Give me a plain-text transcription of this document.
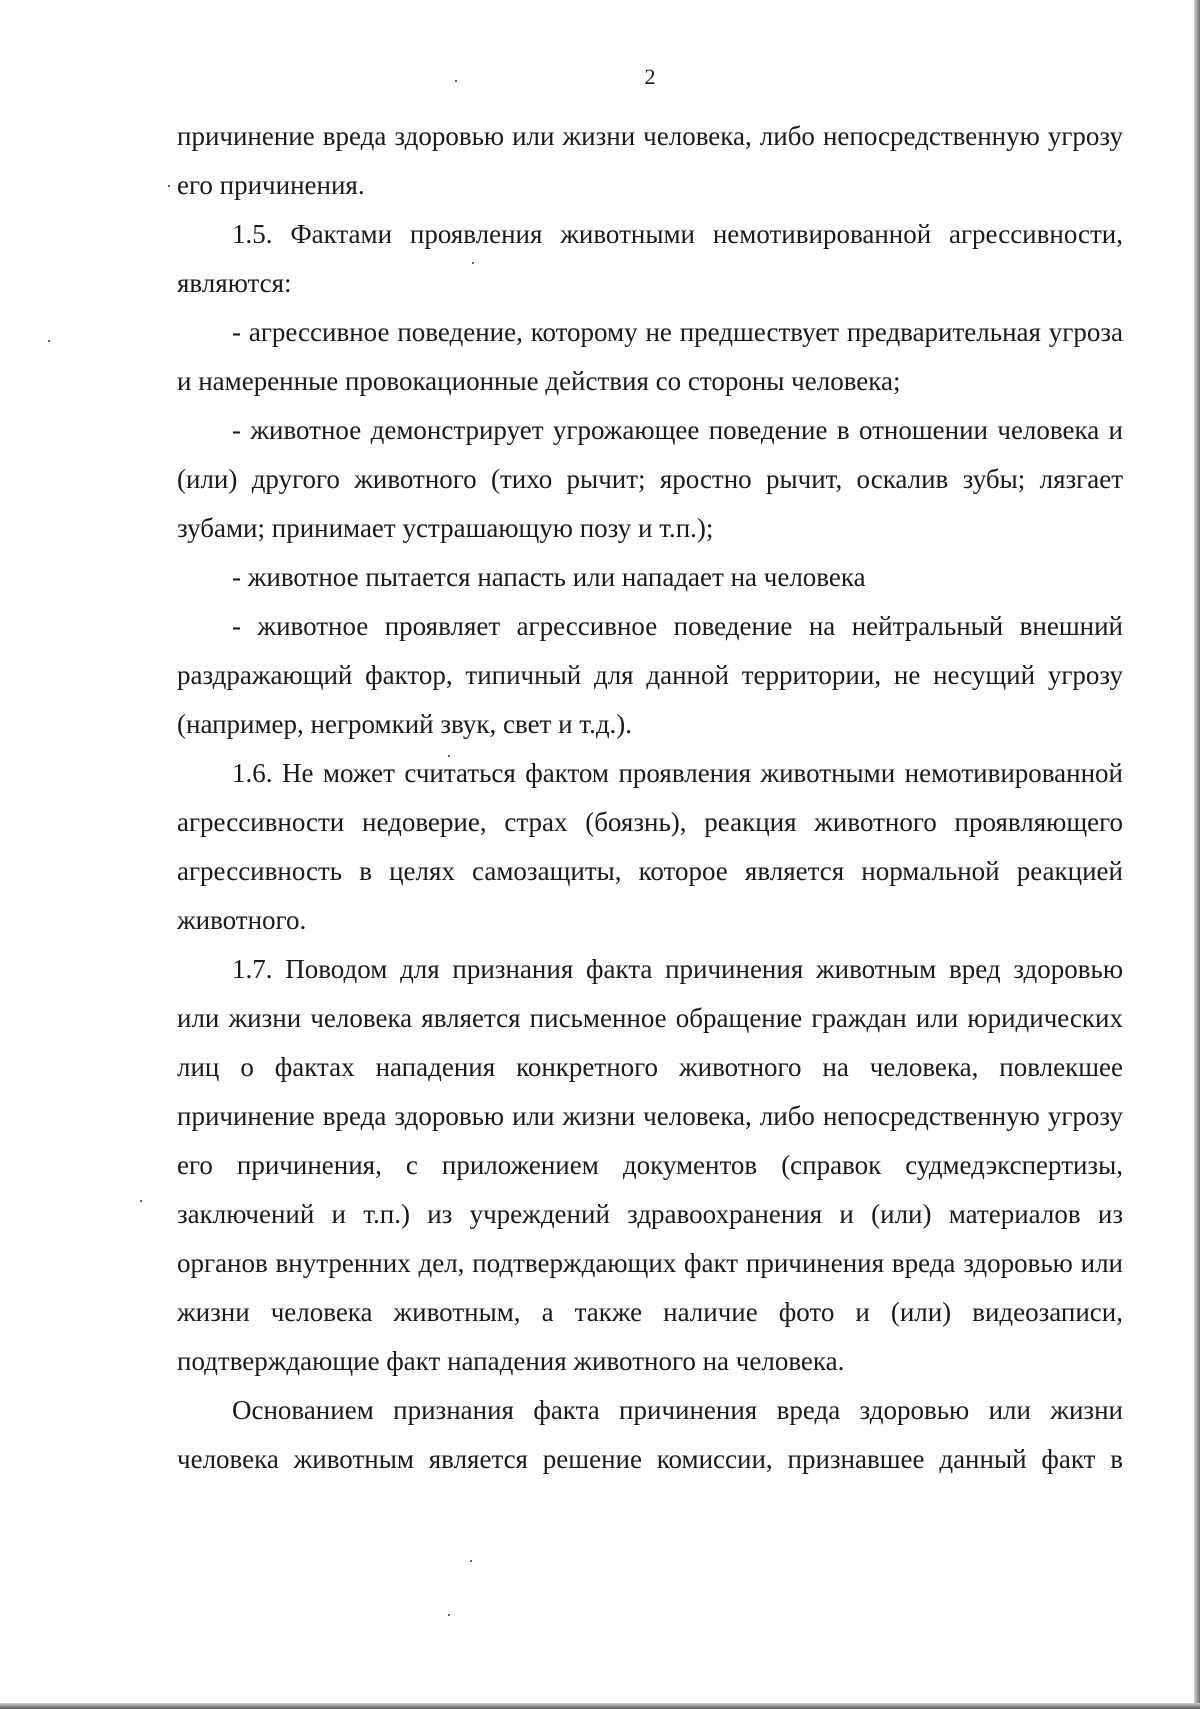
2

причинение вреда здоровью или жизни человека, либо непосредственную угрозу его причинения.

1.5. Фактами проявления животными немотивированной агрессивности, являются:

- агрессивное поведение, которому не предшествует предварительная угроза и намеренные провокационные действия со стороны человека;

- животное демонстрирует угрожающее поведение в отношении человека и (или) другого животного (тихо рычит; яростно рычит, оскалив зубы; лязгает зубами; принимает устрашающую позу и т.п.);

- животное пытается напасть или нападает на человека

- животное проявляет агрессивное поведение на нейтральный внешний раздражающий фактор, типичный для данной территории, не несущий угрозу (например, негромкий звук, свет и т.д.).

1.6. Не может считаться фактом проявления животными немотивированной агрессивности недоверие, страх (боязнь), реакция животного проявляющего агрессивность в целях самозащиты, которое является нормальной реакцией животного.

1.7. Поводом для признания факта причинения животным вред здоровью или жизни человека является письменное обращение граждан или юридических лиц о фактах нападения конкретного животного на человека, повлекшее причинение вреда здоровью или жизни человека, либо непосредственную угрозу его причинения, с приложением документов (справок судмедэкспертизы, заключений и т.п.) из учреждений здравоохранения и (или) материалов из органов внутренних дел, подтверждающих факт причинения вреда здоровью или жизни человека животным, а также наличие фото и (или) видеозаписи, подтверждающие факт нападения животного на человека.

Основанием признания факта причинения вреда здоровью или жизни человека животным является решение комиссии, признавшее данный факт в
